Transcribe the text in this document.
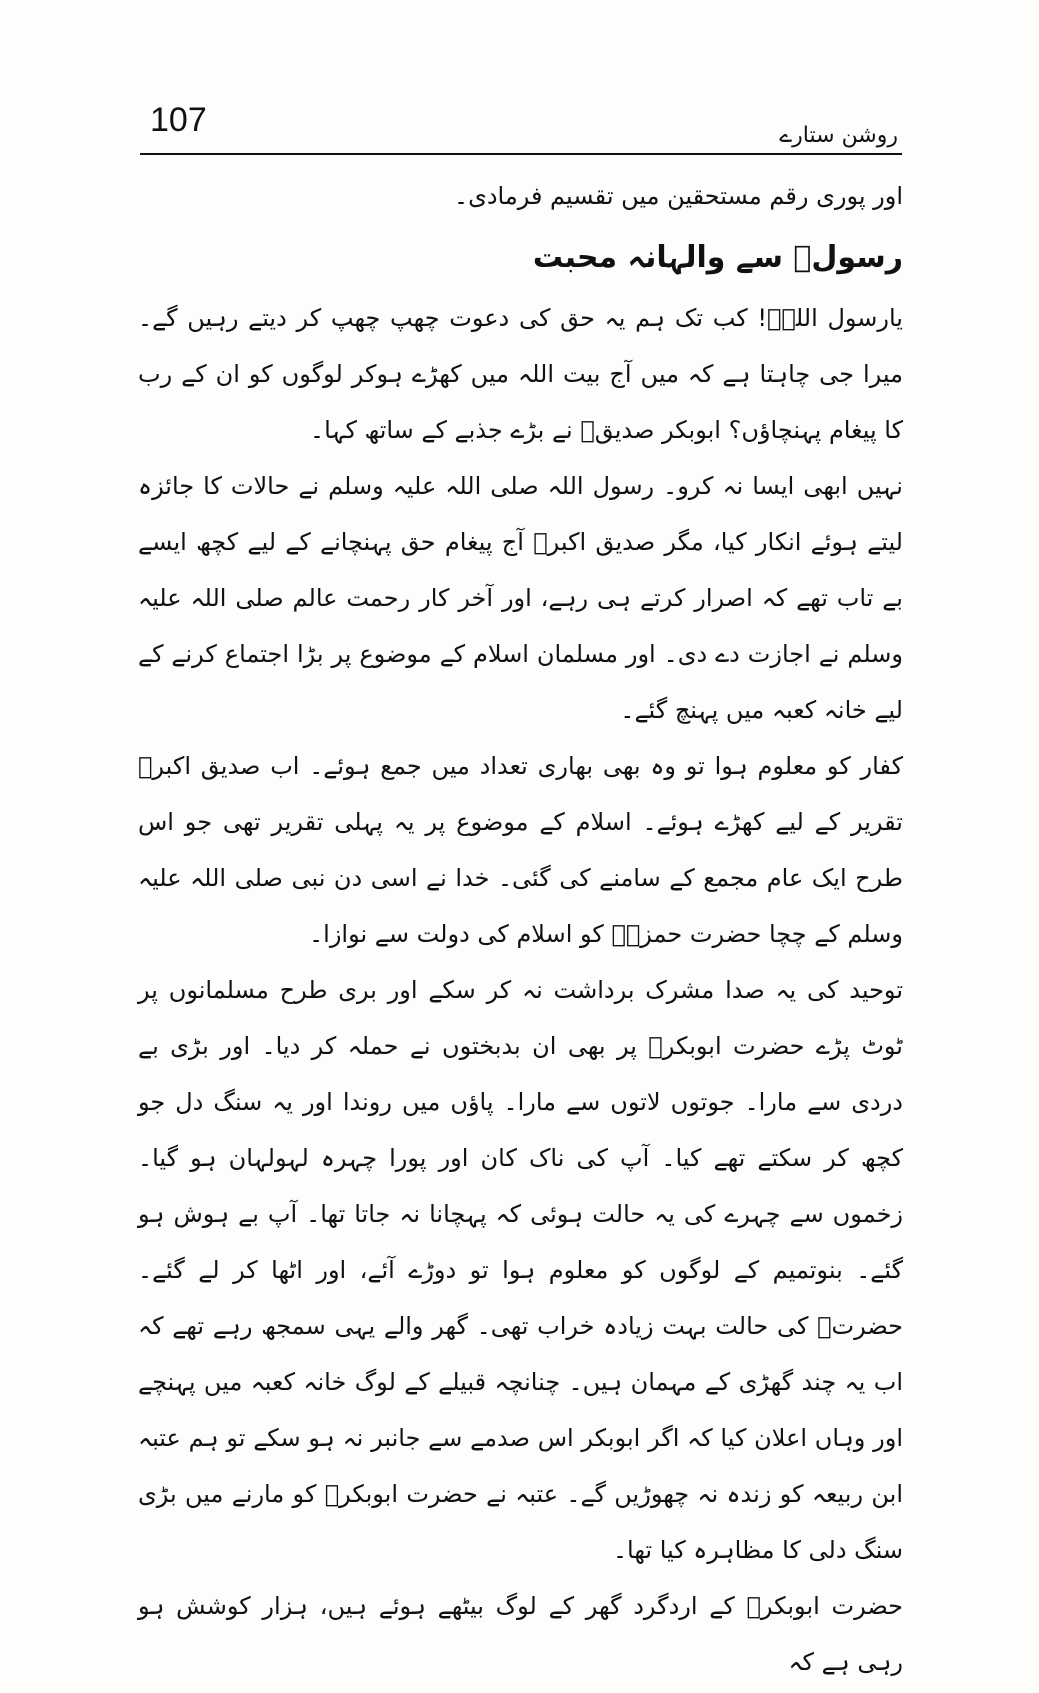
107	روشن ستارے

اور پوری رقم مستحقین میں تقسیم فرمادی۔

رسولؐ سے والہانہ محبت

یارسول اللہؐ! کب تک ہم یہ حق کی دعوت چھپ چھپ کر دیتے رہیں گے۔ میرا جی چاہتا ہے کہ میں آج بیت اللہ میں کھڑے ہوکر لوگوں کو ان کے رب کا پیغام پہنچاؤں؟ ابوبکر صدیقؓ نے بڑے جذبے کے ساتھ کہا۔

نہیں ابھی ایسا نہ کرو۔ رسول اللہ صلی اللہ علیہ وسلم نے حالات کا جائزہ لیتے ہوئے انکار کیا، مگر صدیق اکبرؓ آج پیغام حق پہنچانے کے لیے کچھ ایسے بے تاب تھے کہ اصرار کرتے ہی رہے، اور آخر کار رحمت عالم صلی اللہ علیہ وسلم نے اجازت دے دی۔ اور مسلمان اسلام کے موضوع پر بڑا اجتماع کرنے کے لیے خانہ کعبہ میں پہنچ گئے۔

کفار کو معلوم ہوا تو وہ بھی بھاری تعداد میں جمع ہوئے۔ اب صدیق اکبرؓ تقریر کے لیے کھڑے ہوئے۔ اسلام کے موضوع پر یہ پہلی تقریر تھی جو اس طرح ایک عام مجمع کے سامنے کی گئی۔ خدا نے اسی دن نبی صلی اللہ علیہ وسلم کے چچا حضرت حمزہؓ کو اسلام کی دولت سے نوازا۔

توحید کی یہ صدا مشرک برداشت نہ کر سکے اور بری طرح مسلمانوں پر ٹوٹ پڑے حضرت ابوبکرؓ پر بھی ان بدبختوں نے حملہ کر دیا۔ اور بڑی بے دردی سے مارا۔ جوتوں لاتوں سے مارا۔ پاؤں میں روندا اور یہ سنگ دل جو کچھ کر سکتے تھے کیا۔ آپ کی ناک کان اور پورا چہرہ لہولہان ہو گیا۔ زخموں سے چہرے کی یہ حالت ہوئی کہ پہچانا نہ جاتا تھا۔ آپ بے ہوش ہو گئے۔ بنوتمیم کے لوگوں کو معلوم ہوا تو دوڑے آئے، اور اٹھا کر لے گئے۔ حضرتؓ کی حالت بہت زیادہ خراب تھی۔ گھر والے یہی سمجھ رہے تھے کہ اب یہ چند گھڑی کے مہمان ہیں۔ چنانچہ قبیلے کے لوگ خانہ کعبہ میں پہنچے اور وہاں اعلان کیا کہ اگر ابوبکر اس صدمے سے جانبر نہ ہو سکے تو ہم عتبہ ابن ربیعہ کو زندہ نہ چھوڑیں گے۔ عتبہ نے حضرت ابوبکرؓ کو مارنے میں بڑی سنگ دلی کا مظاہرہ کیا تھا۔

حضرت ابوبکرؓ کے اردگرد گھر کے لوگ بیٹھے ہوئے ہیں، ہزار کوشش ہو رہی ہے کہ
